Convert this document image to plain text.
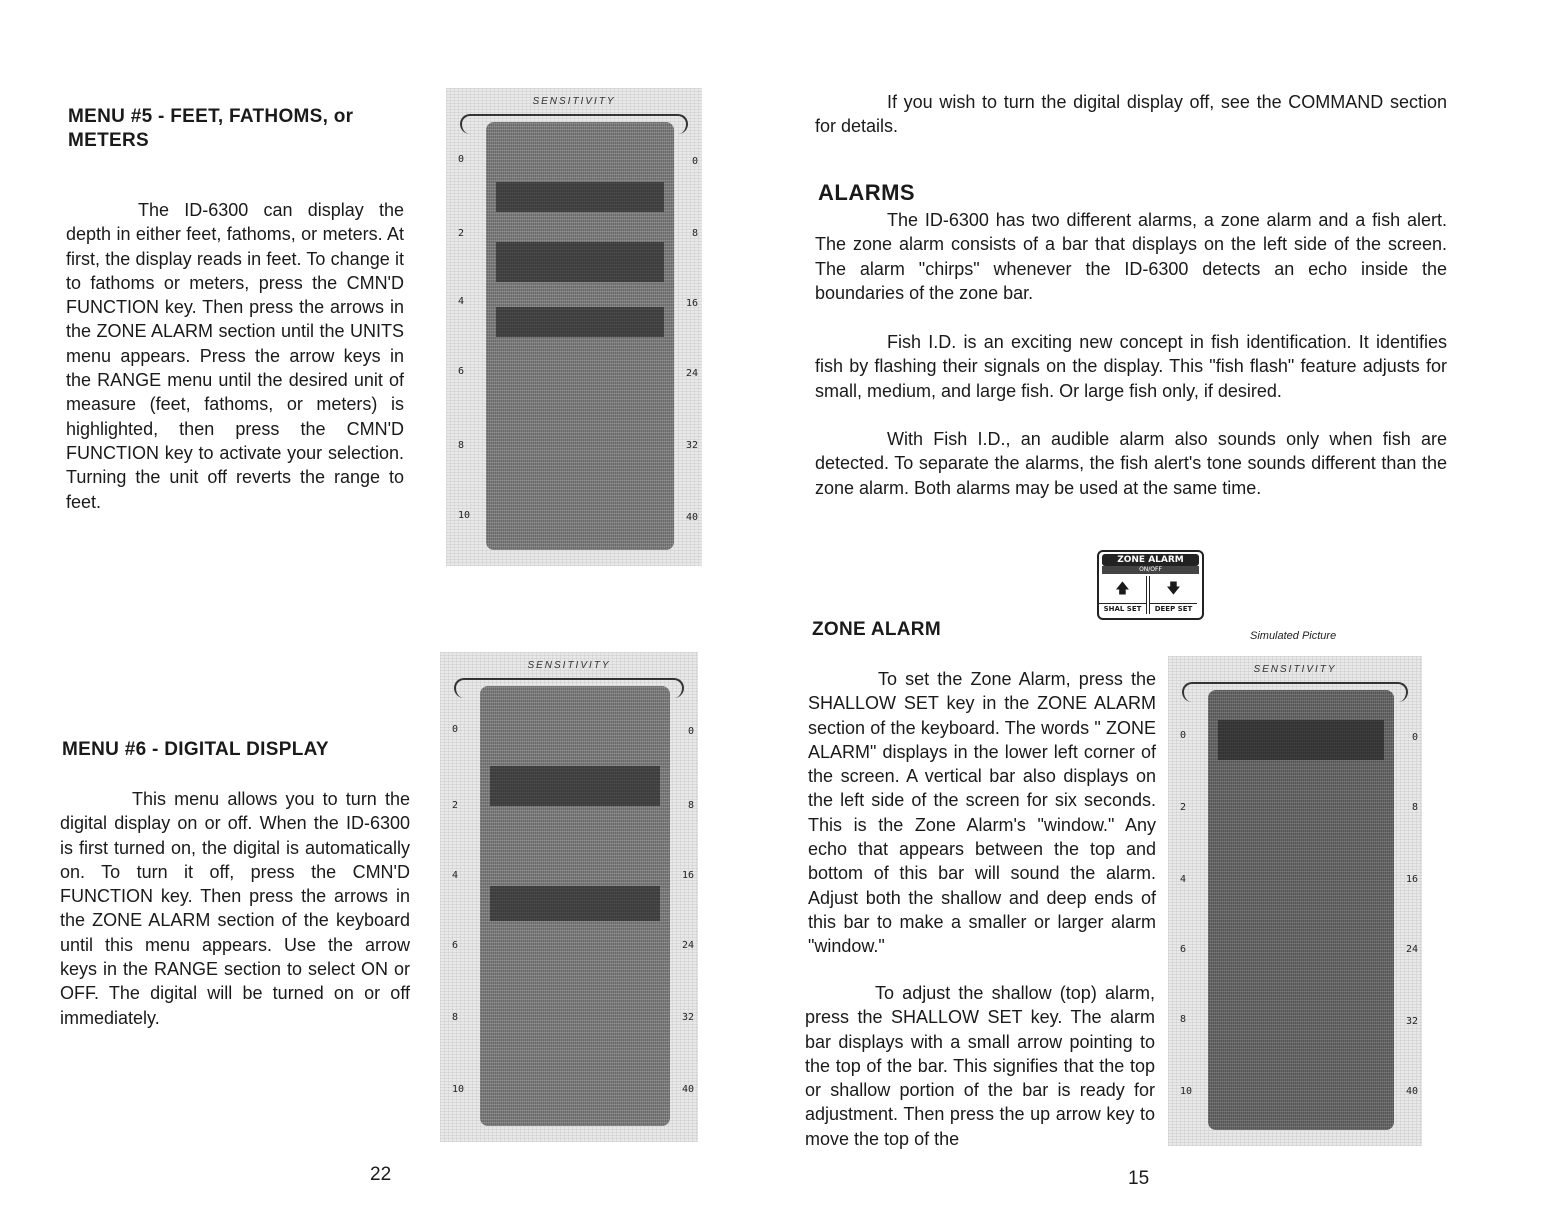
MENU #5 - FEET, FATHOMS, or
METERS
The ID-6300 can display the depth in either feet, fathoms, or meters. At first, the display reads in feet. To change it to fathoms or meters, press the CMN'D FUNCTION key. Then press the arrows in the ZONE ALARM section until the UNITS menu appears. Press the arrow keys in the RANGE menu until the desired unit of measure (feet, fathoms, or meters) is highlighted, then press the CMN'D FUNCTION key to activate your selection. Turning the unit off reverts the range to feet.
MENU #6 - DIGITAL DISPLAY
This menu allows you to turn the digital display on or off. When the ID-6300 is first turned on, the digital is automatically on. To turn it off, press the CMN'D FUNCTION key. Then press the arrows in the ZONE ALARM section of the keyboard until this menu appears. Use the arrow keys in the RANGE section to select ON or OFF. The digital will be turned on or off immediately.
22
SENSITIVITY
0
2
4
6
8
10
0
8
16
24
32
40
SENSITIVITY
0
2
4
6
8
10
0
8
16
24
32
40
If you wish to turn the digital display off, see the COMMAND section for details.
ALARMS
The ID-6300 has two different alarms, a zone alarm and a fish alert. The zone alarm consists of a bar that displays on the left side of the screen. The alarm "chirps" whenever the ID-6300 detects an echo inside the boundaries of the zone bar.
Fish I.D. is an exciting new concept in fish identification. It identifies fish by flashing their signals on the display. This "fish flash" feature adjusts for small, medium, and large fish. Or large fish only, if desired.
With Fish I.D., an audible alarm also sounds only when fish are detected. To separate the alarms, the fish alert's tone sounds different than the zone alarm. Both alarms may be used at the same time.
ZONE ALARM
ON/OFF
🡅
SHAL SET
🡇
DEEP SET
ZONE ALARM	Simulated Picture
To set the Zone Alarm, press the SHALLOW SET key in the ZONE ALARM section of the keyboard. The words " ZONE ALARM" displays in the lower left corner of the screen. A vertical bar also displays on the left side of the screen for six seconds. This is the Zone Alarm's "window." Any echo that appears between the top and bottom of this bar will sound the alarm. Adjust both the shallow and deep ends of this bar to make a smaller or larger alarm "window."
To adjust the shallow (top) alarm, press the SHALLOW SET key. The alarm bar displays with a small arrow pointing to the top of the bar. This signifies that the top or shallow portion of the bar is ready for adjustment. Then press the up arrow key to move the top of the
15
SENSITIVITY
0
2
4
6
8
10
0
8
16
24
32
40
